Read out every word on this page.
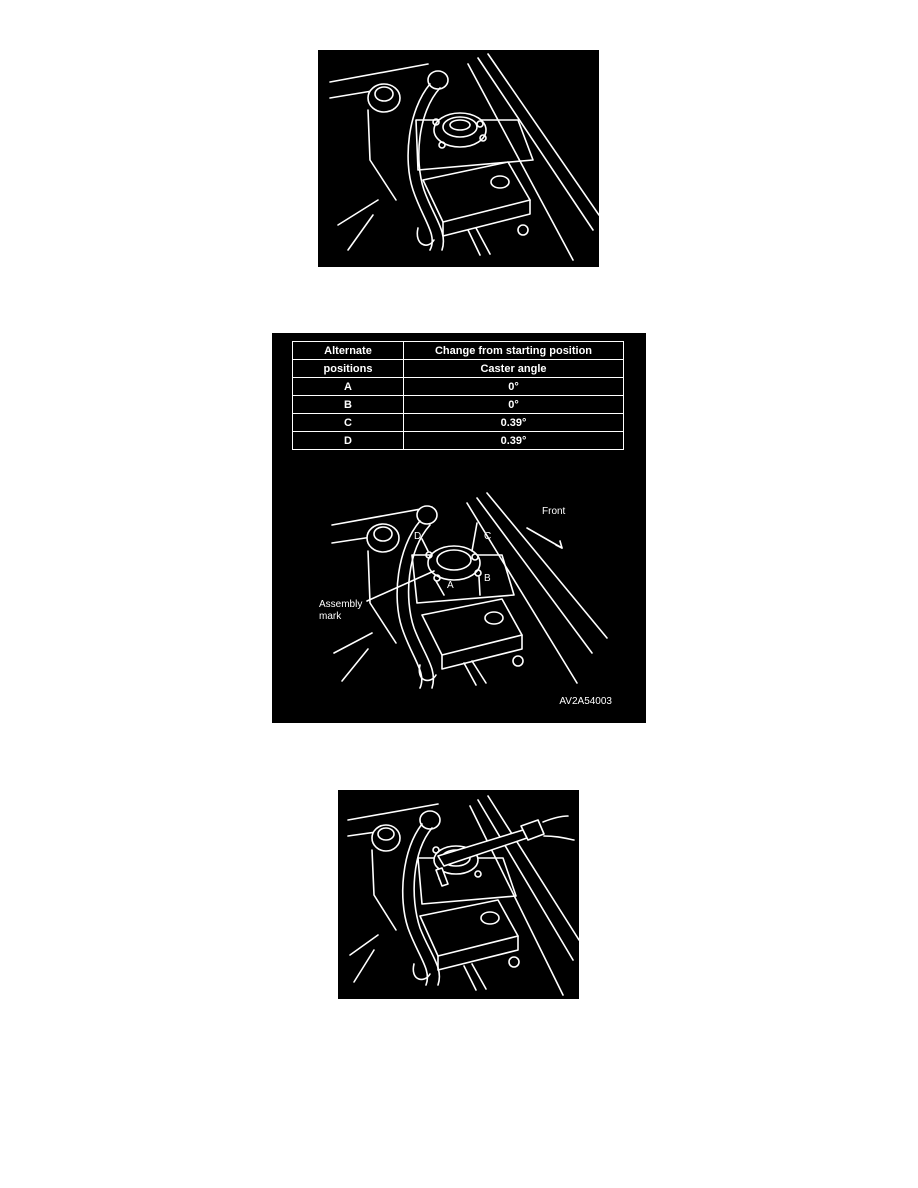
Alternate	Change from starting position
positions	Caster angle
A	0°
B	0°
C	0.39°
D	0.39°
Front
D	C
A
B
Assembly
mark
AV2A54003
